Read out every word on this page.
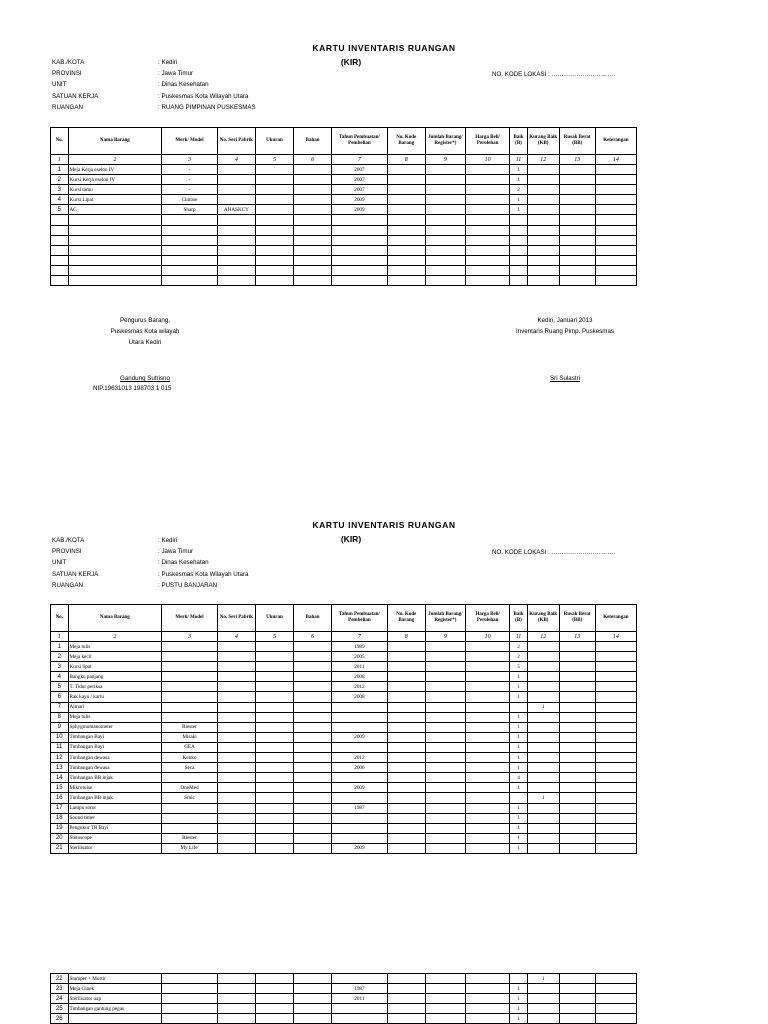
KARTU INVENTARIS RUANGAN
(KIR)
KAB./KOTA	: Kediri
PROVINSI	: Jawa Timur
UNIT	: Dinas Kesehatan
SATUAN KERJA	: Puskesmas Kota Wilayah Utara
RUANGAN	: RUANG PIMPINAN PUSKESMAS
NO. KODE LOKASI : ………………………….
No.	Nama Barang	Merk/ Model	No. Seri Pabrik	Ukuran	Bahan	Tahun Pembuatan/ Pembelian	No. Kode Barang	Jumlah Barang/ Register*)	Harga Beli/ Perolehan	Baik (B)	Kurang Baik (KB)	Rusak Berat (BB)	Keterangan
1	2	3	4	5	6	7	8	9	10	11	12	13	14
1	Meja Kerja eselon IV	-				2007				1			
2	Kursi Kerja eselon IV	-				2007				1			
3	Kursi tamu	-				2007				2			
4	Kursi Lipat	Chitose				2009				1			
5	AC	Sharp	AHASKCY			2009				1			

Pengurus Barang,
Puskesmas Kota wilayah
Utara Kediri
Gandung Sutrisno
NIP.19631013 198703 1 015
Kediri, Januari 2013
Inventaris Ruang Pimp. Puskesmas
Sri Sulastri
KARTU INVENTARIS RUANGAN
(KIR)
KAB./KOTA	: Kediri
PROVINSI	: Jawa Timur
UNIT	: Dinas Kesehatan
SATUAN KERJA	: Puskesmas Kota Wilayah Utara
RUANGAN	: PUSTU BANJARAN
NO. KODE LOKASI : ………………………….
No.	Nama Barang	Merk/ Model	No. Seri Pabrik	Ukuran	Bahan	Tahun Pembuatan/ Pembelian	No. Kode Barang	Jumlah Barang/ Register*)	Harga Beli/ Perolehan	Baik (B)	Kurang Baik (KB)	Rusak Berat (BB)	Keterangan
1	2	3	4	5	6	7	8	9	10	11	12	13	14
1	Meja tulis					1989				2			
2	Meja kecil					2005				2			
3	Kursi lipat					2011				5			
4	Bangku panjang					2008				1			
5	T. Tidur periksa					2012				1			
6	Rak kayu / kartu					2008				1			
7	Almari										1		
8	Meja tulis									1			
9	Sphygmomanometer	Riester								1			
10	Timbangan Bayi	Misaki				2009				1			
11	Timbangan Bayi	GEA								1			
12	Timbangan dewasa	Kenko				2012				1			
13	Timbangan dewasa	Seca				2006				1			
14	Timbangan BB injak									4			
15	Mikrotoise	OneMed				2009				1			
16	Timbangan BB injak	Smic									1		
17	Lampu sorot					1987				1			
18	Sound timer									1			
19	Pengukur TB Bayi									1			
20	Stetoscope	Riester								1			
21	Sterilisator	My Life'				2009				1			
22	Stamper + Mortir										1		
23	Meja Ginek					1987				1			
24	Sterilisator uap					2011				1			
25	Timbangan gantung pegas									1			
26										1			
